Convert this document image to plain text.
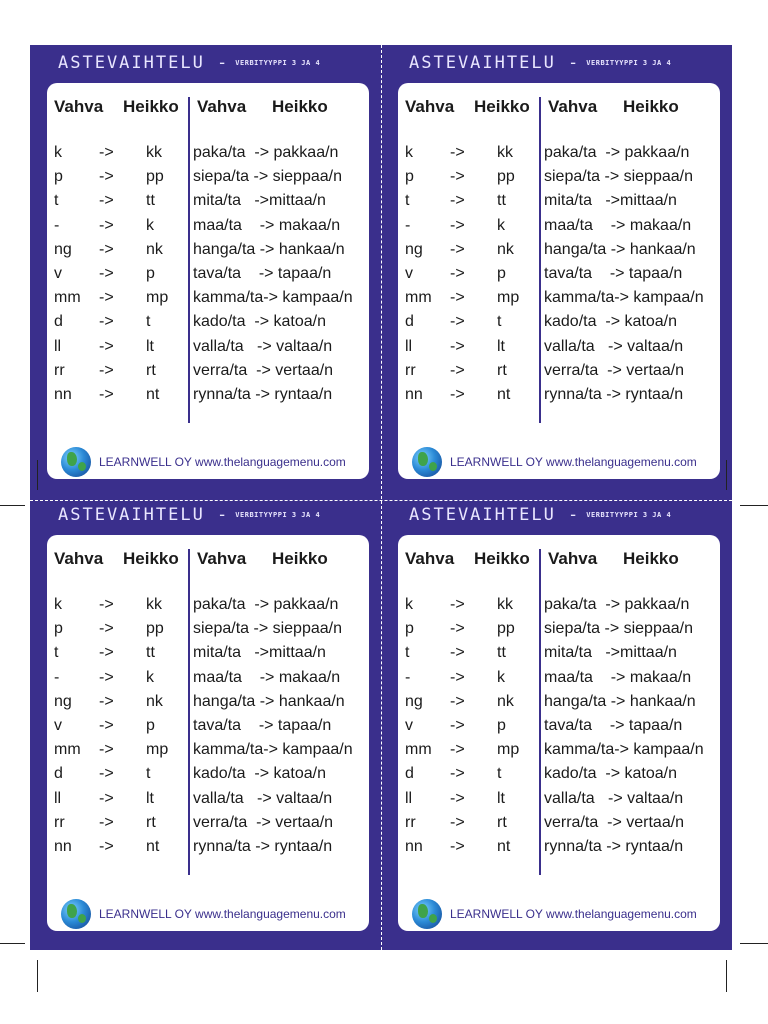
ASTEVAIHTELU - VERBITYYPPI 3 JA 4
Vahva Heikko Vahva Heikko
k -> kk paka/ta  -> pakkaa/n
p -> pp siepa/ta -> sieppaa/n
t	-> tt mita/ta   ->mittaa/n
- -> k maa/ta    -> makaa/n
ng -> nk hanga/ta -> hankaa/n
v -> p tava/ta    -> tapaa/n
mm -> mp kamma/ta-> kampaa/n
d -> t	kado/ta  -> katoa/n
ll -> lt valla/ta   -> valtaa/n
rr -> rt verra/ta  -> vertaa/n
nn -> nt rynna/ta -> ryntaa/n
LEARNWELL OY www.thelanguagemenu.com
ASTEVAIHTELU - VERBITYYPPI 3 JA 4
Vahva Heikko Vahva Heikko
k -> kk paka/ta  -> pakkaa/n
p -> pp siepa/ta -> sieppaa/n
t	-> tt mita/ta   ->mittaa/n
- -> k maa/ta    -> makaa/n
ng -> nk hanga/ta -> hankaa/n
v -> p tava/ta    -> tapaa/n
mm -> mp kamma/ta-> kampaa/n
d -> t	kado/ta  -> katoa/n
ll -> lt valla/ta   -> valtaa/n
rr -> rt verra/ta  -> vertaa/n
nn -> nt rynna/ta -> ryntaa/n
LEARNWELL OY www.thelanguagemenu.com
ASTEVAIHTELU - VERBITYYPPI 3 JA 4
Vahva Heikko Vahva Heikko
k -> kk paka/ta  -> pakkaa/n
p -> pp siepa/ta -> sieppaa/n
t	-> tt mita/ta   ->mittaa/n
- -> k maa/ta    -> makaa/n
ng -> nk hanga/ta -> hankaa/n
v -> p tava/ta    -> tapaa/n
mm -> mp kamma/ta-> kampaa/n
d -> t	kado/ta  -> katoa/n
ll -> lt valla/ta   -> valtaa/n
rr -> rt verra/ta  -> vertaa/n
nn -> nt rynna/ta -> ryntaa/n
LEARNWELL OY www.thelanguagemenu.com
ASTEVAIHTELU - VERBITYYPPI 3 JA 4
Vahva Heikko Vahva Heikko
k -> kk paka/ta  -> pakkaa/n
p -> pp siepa/ta -> sieppaa/n
t	-> tt mita/ta   ->mittaa/n
- -> k maa/ta    -> makaa/n
ng -> nk hanga/ta -> hankaa/n
v -> p tava/ta    -> tapaa/n
mm -> mp kamma/ta-> kampaa/n
d -> t	kado/ta  -> katoa/n
ll -> lt valla/ta   -> valtaa/n
rr -> rt verra/ta  -> vertaa/n
nn -> nt rynna/ta -> ryntaa/n
LEARNWELL OY www.thelanguagemenu.com
